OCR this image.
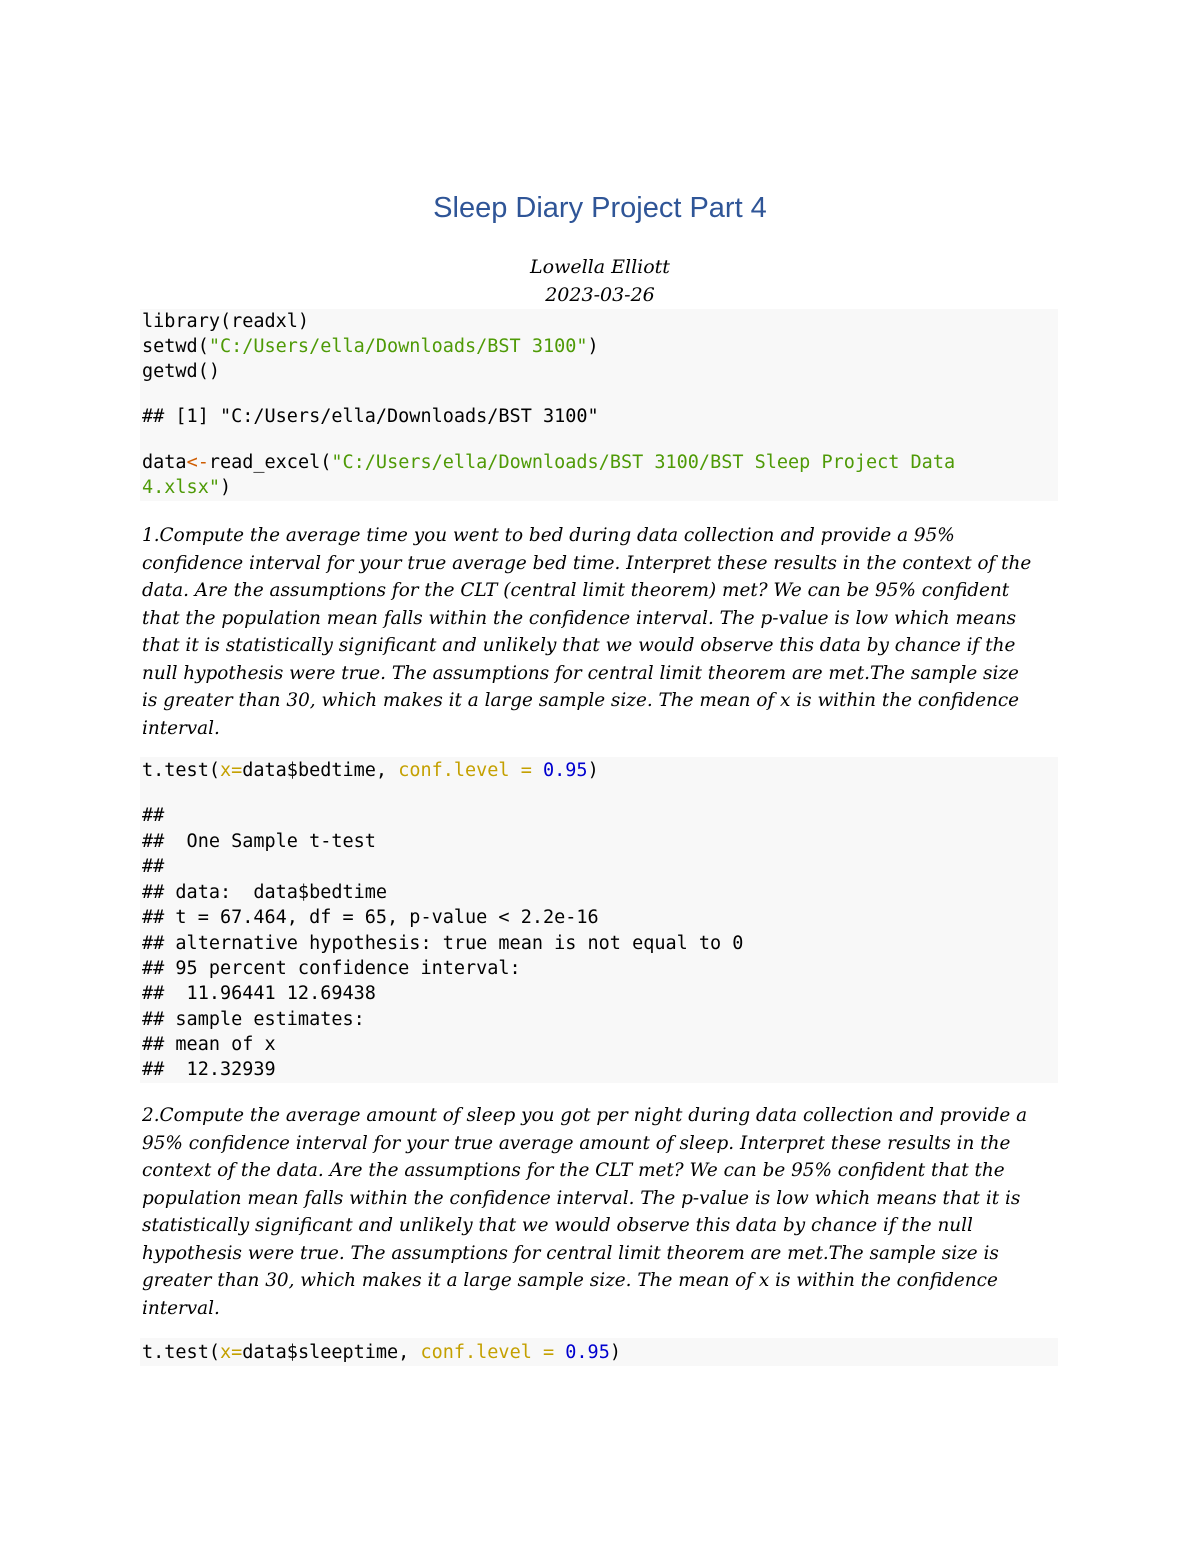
Sleep Diary Project Part 4
Lowella Elliott
2023-03-26
library(readxl)
setwd("C:/Users/ella/Downloads/BST 3100")
getwd()
## [1] "C:/Users/ella/Downloads/BST 3100"
data<-read_excel("C:/Users/ella/Downloads/BST 3100/BST Sleep Project Data
4.xlsx")
1.Compute the average time you went to bed during data collection and provide a 95%
confidence interval for your true average bed time. Interpret these results in the context of the
data. Are the assumptions for the CLT (central limit theorem) met? We can be 95% confident
that the population mean falls within the confidence interval. The p-value is low which means
that it is statistically significant and unlikely that we would observe this data by chance if the
null hypothesis were true. The assumptions for central limit theorem are met.The sample size
is greater than 30, which makes it a large sample size. The mean of x is within the confidence
interval.
t.test(x=data$bedtime, conf.level = 0.95)
##
##  One Sample t-test
##
## data:  data$bedtime
## t = 67.464, df = 65, p-value < 2.2e-16
## alternative hypothesis: true mean is not equal to 0
## 95 percent confidence interval:
##  11.96441 12.69438
## sample estimates:
## mean of x
##  12.32939
2.Compute the average amount of sleep you got per night during data collection and provide a
95% confidence interval for your true average amount of sleep. Interpret these results in the
context of the data. Are the assumptions for the CLT met? We can be 95% confident that the
population mean falls within the confidence interval. The p-value is low which means that it is
statistically significant and unlikely that we would observe this data by chance if the null
hypothesis were true. The assumptions for central limit theorem are met.The sample size is
greater than 30, which makes it a large sample size. The mean of x is within the confidence
interval.
t.test(x=data$sleeptime, conf.level = 0.95)
